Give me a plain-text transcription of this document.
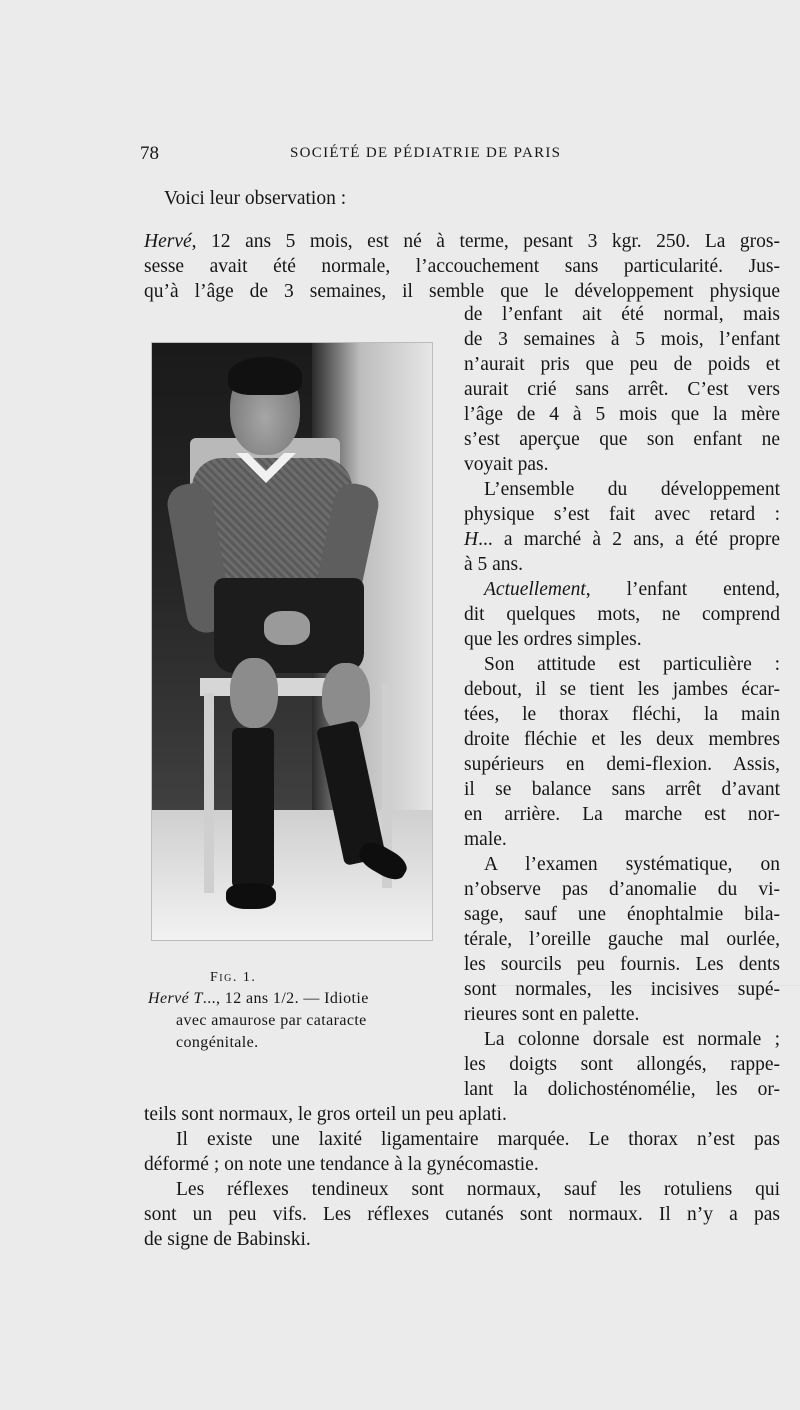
78	SOCIÉTÉ DE PÉDIATRIE DE PARIS
Voici leur observation :
Hervé, 12 ans 5 mois, est né à terme, pesant 3 kgr. 250. La gros-
sesse avait été normale, l’accouchement sans particularité. Jus-
qu’à l’âge de 3 semaines, il semble que le développement physique
de l’enfant ait été normal, mais
de 3 semaines à 5 mois, l’enfant
n’aurait pris que peu de poids et
aurait crié sans arrêt. C’est vers
l’âge de 4 à 5 mois que la mère
s’est aperçue que son enfant ne
voyait pas.
L’ensemble du développement
physique s’est fait avec retard :
H... a marché à 2 ans, a été propre
à 5 ans.
Actuellement, l’enfant entend,
dit quelques mots, ne comprend
que les ordres simples.
Son attitude est particulière :
debout, il se tient les jambes écar-
tées, le thorax fléchi, la main
droite fléchie et les deux membres
supérieurs en demi-flexion. Assis,
il se balance sans arrêt d’avant
en arrière. La marche est nor-
male.
A l’examen systématique, on
n’observe pas d’anomalie du vi-
sage, sauf une énophtalmie bila-
térale, l’oreille gauche mal ourlée,
les sourcils peu fournis. Les dents
sont normales, les incisives supé-
rieures sont en palette.
La colonne dorsale est normale ;
les doigts sont allongés, rappe-
lant la dolichosténomélie, les or-
Fig. 1.
Hervé T..., 12 ans 1/2. — Idiotie
avec amaurose par cataracte
congénitale.
teils sont normaux, le gros orteil un peu aplati.
Il existe une laxité ligamentaire marquée. Le thorax n’est pas
déformé ; on note une tendance à la gynécomastie.
Les réflexes tendineux sont normaux, sauf les rotuliens qui
sont un peu vifs. Les réflexes cutanés sont normaux. Il n’y a pas
de signe de Babinski.
